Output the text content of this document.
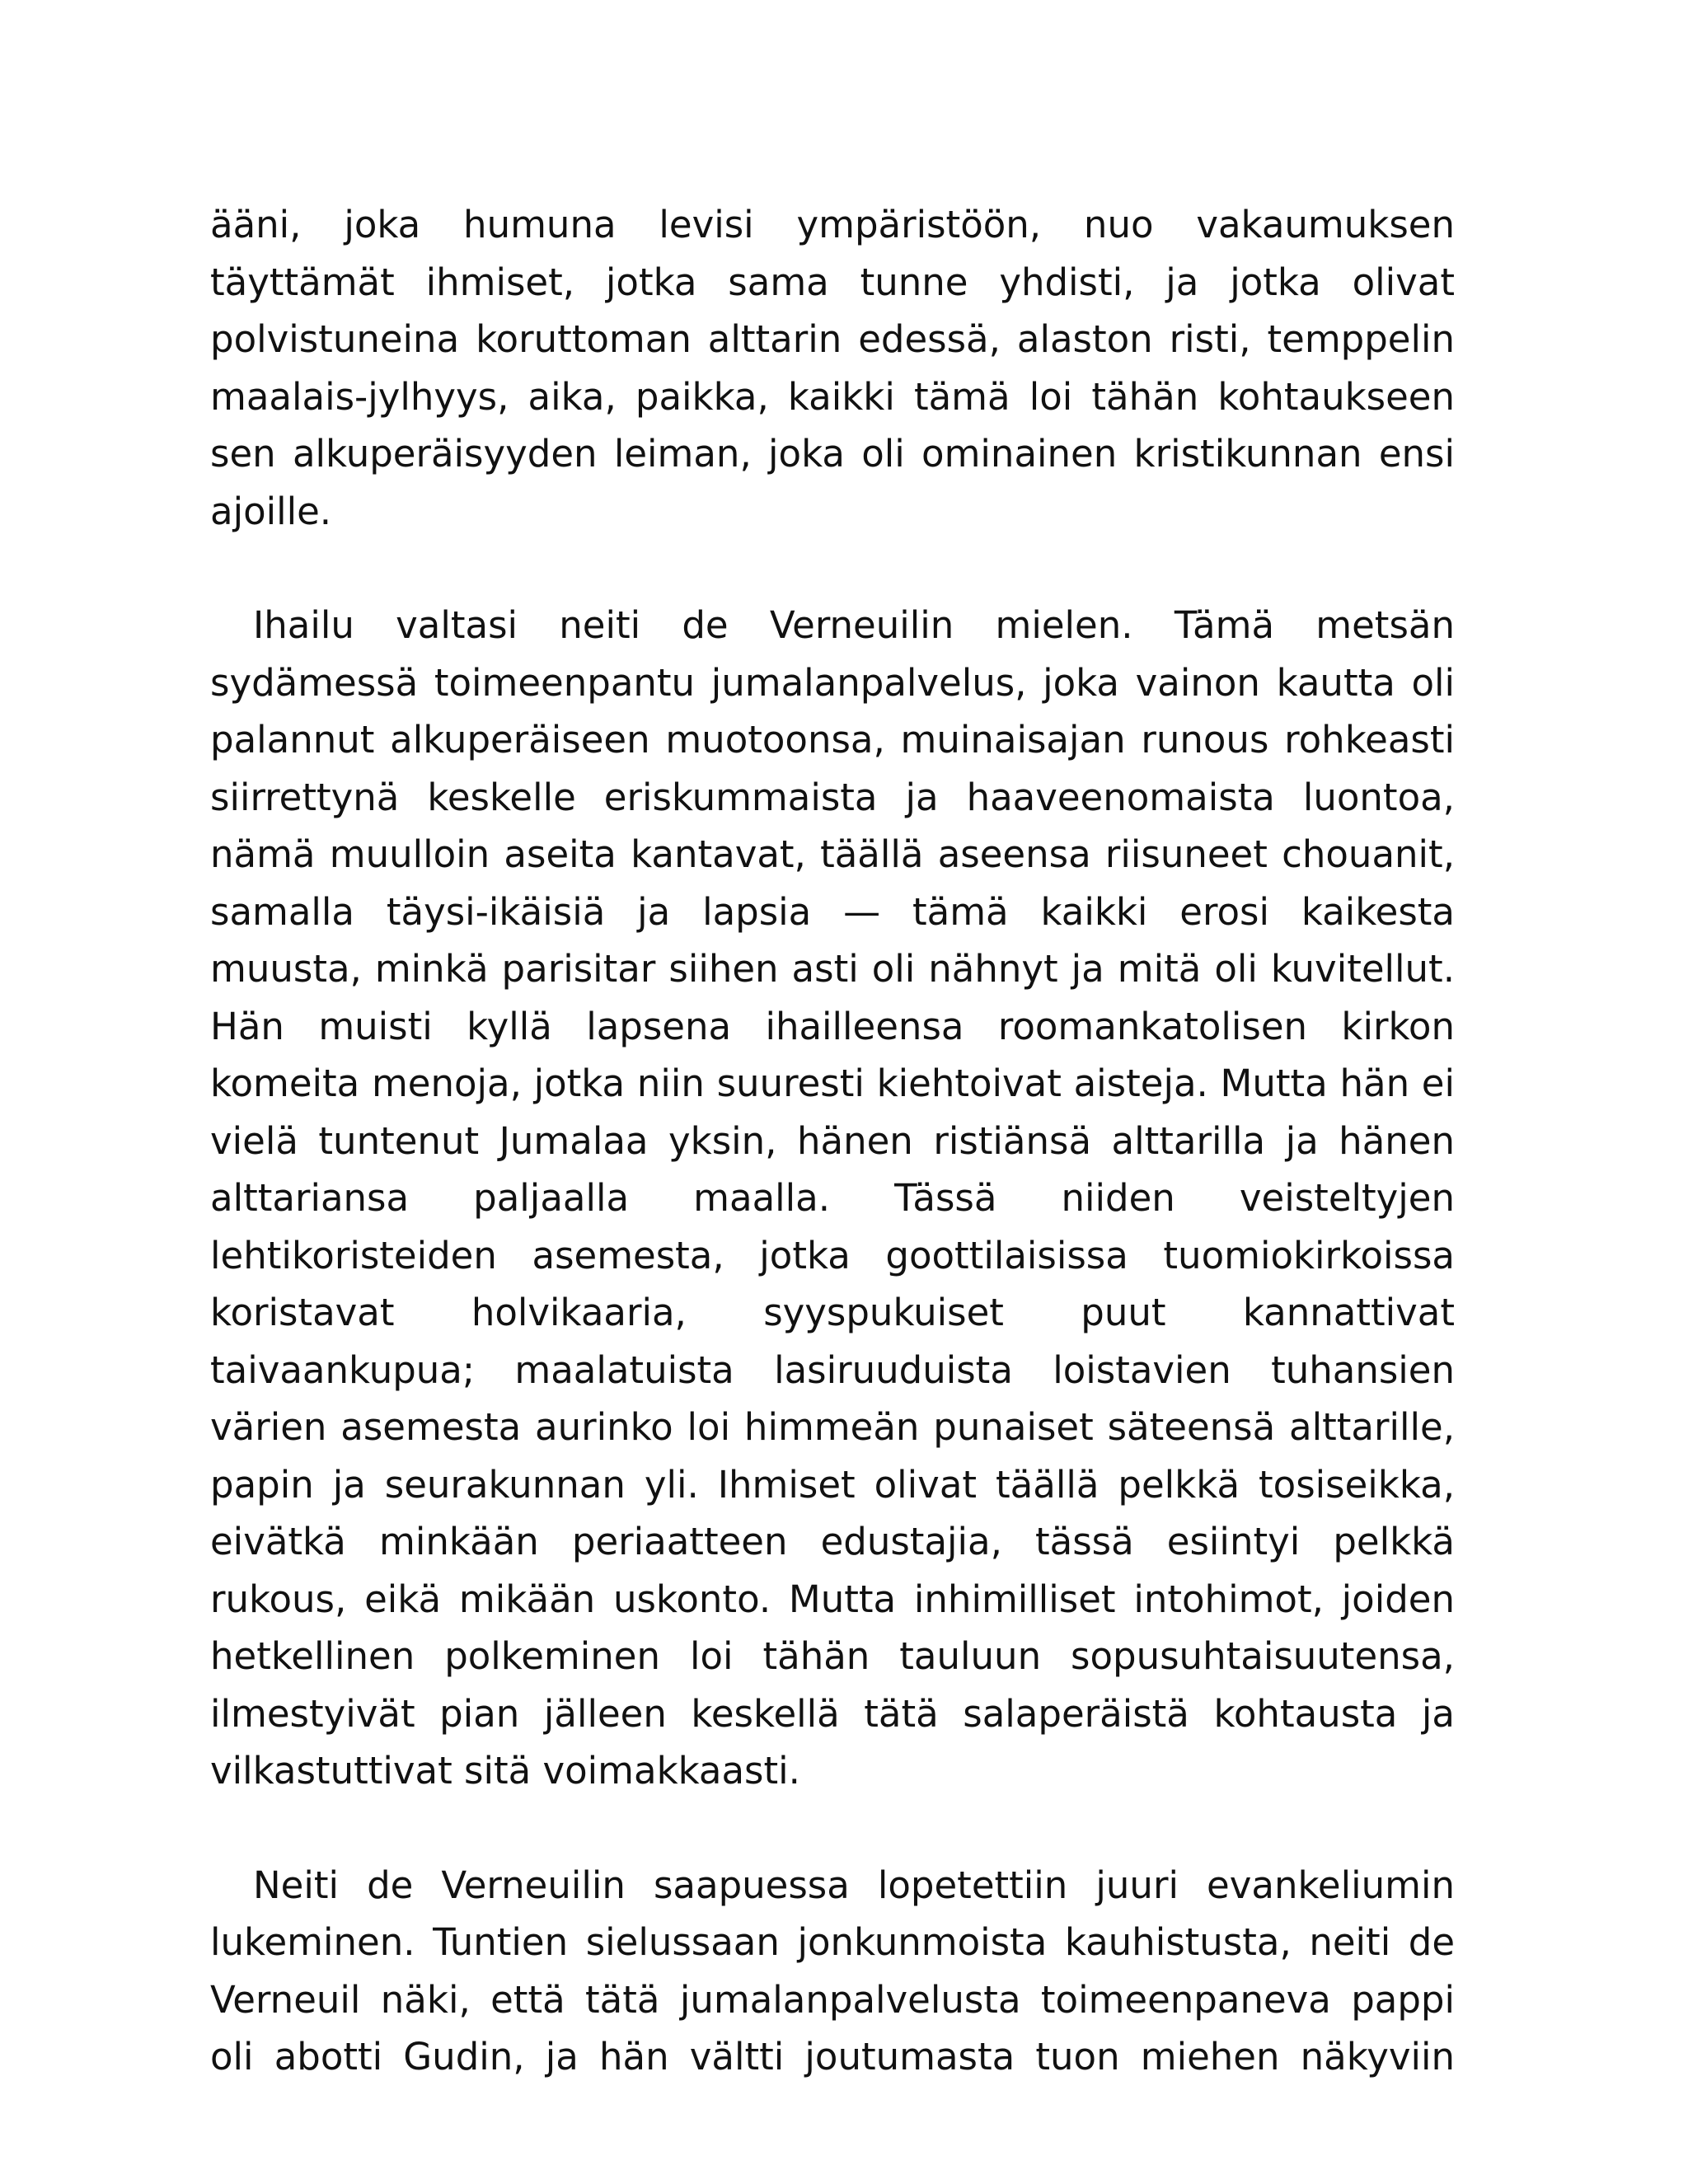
ääni, joka humuna levisi ympäristöön, nuo vakaumuksen täyttämät ihmiset, jotka sama tunne yhdisti, ja jotka olivat polvistuneina koruttoman alttarin edessä, alaston risti, temppelin maalais-jylhyys, aika, paikka, kaikki tämä loi tähän kohtaukseen sen alkuperäisyyden leiman, joka oli ominainen kristikunnan ensi ajoille.

Ihailu valtasi neiti de Verneuilin mielen. Tämä metsän sydämessä toimeenpantu jumalanpalvelus, joka vainon kautta oli palannut alkuperäiseen muotoonsa, muinaisajan runous rohkeasti siirrettynä keskelle eriskummaista ja haaveenomaista luontoa, nämä muulloin aseita kantavat, täällä aseensa riisuneet chouanit, samalla täysi-ikäisiä ja lapsia — tämä kaikki erosi kaikesta muusta, minkä parisitar siihen asti oli nähnyt ja mitä oli kuvitellut. Hän muisti kyllä lapsena ihailleensa roomankatolisen kirkon komeita menoja, jotka niin suuresti kiehtoivat aisteja. Mutta hän ei vielä tuntenut Jumalaa yksin, hänen ristiänsä alttarilla ja hänen alttariansa paljaalla maalla. Tässä niiden veisteltyjen lehtikoristeiden asemesta, jotka goottilaisissa tuomiokirkoissa koristavat holvikaaria, syyspukuiset puut kannattivat taivaankupua; maalatuista lasiruuduista loistavien tuhansien värien asemesta aurinko loi himmeän punaiset säteensä alttarille, papin ja seurakunnan yli. Ihmiset olivat täällä pelkkä tosiseikka, eivätkä minkään periaatteen edustajia, tässä esiintyi pelkkä rukous, eikä mikään uskonto. Mutta inhimilliset intohimot, joiden hetkellinen polkeminen loi tähän tauluun sopusuhtaisuutensa, ilmestyivät pian jälleen keskellä tätä salaperäistä kohtausta ja vilkastuttivat sitä voimakkaasti.

Neiti de Verneuilin saapuessa lopetettiin juuri evankeliumin lukeminen. Tuntien sielussaan jonkunmoista kauhistusta, neiti de Verneuil näki, että tätä jumalanpalvelusta toimeenpaneva pappi oli abotti Gudin, ja hän vältti joutumasta tuon miehen näkyviin
